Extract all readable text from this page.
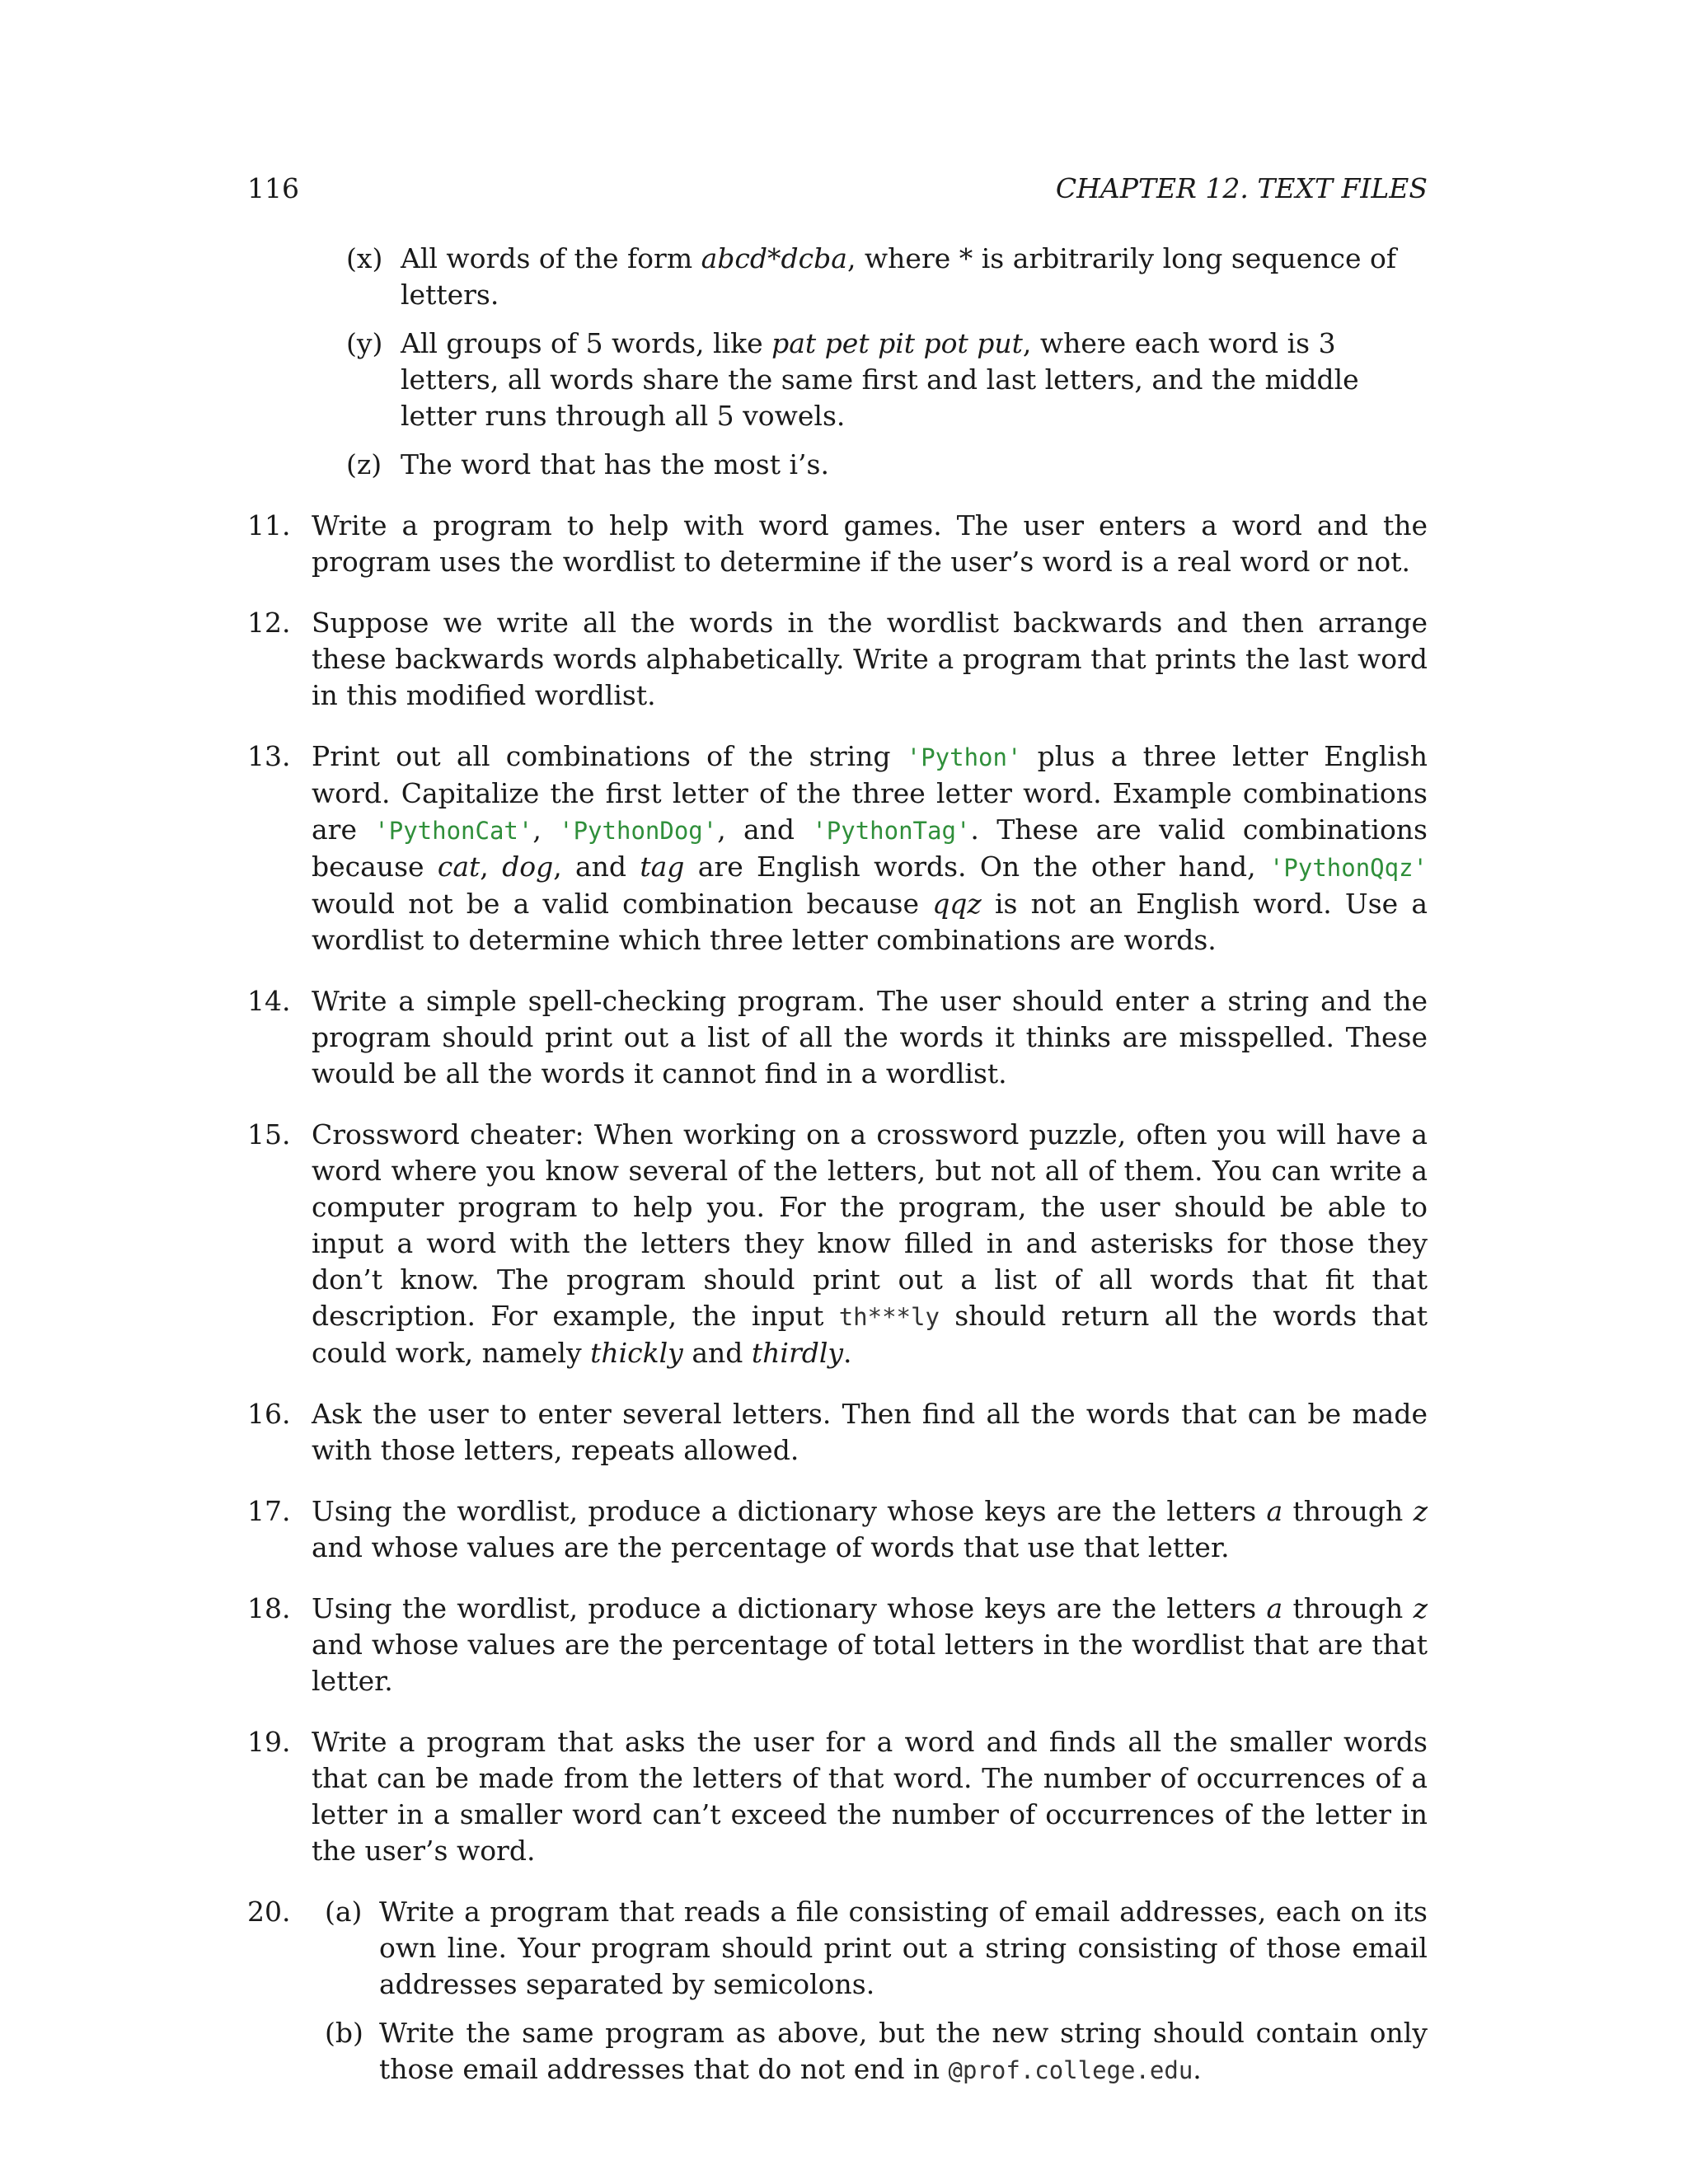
116	CHAPTER 12. TEXT FILES
(x) All words of the form abcd*dcba, where * is arbitrarily long sequence of letters.

(y) All groups of 5 words, like pat pet pit pot put, where each word is 3 letters, all words share the same first and last letters, and the middle letter runs through all 5 vowels.

(z) The word that has the most i’s.

11. Write a program to help with word games. The user enters a word and the program uses the wordlist to determine if the user’s word is a real word or not.

12. Suppose we write all the words in the wordlist backwards and then arrange these backwards words alphabetically. Write a program that prints the last word in this modified wordlist.

13. Print out all combinations of the string 'Python' plus a three letter English word. Capitalize the first letter of the three letter word. Example combinations are 'PythonCat', 'PythonDog', and 'PythonTag'. These are valid combinations because cat, dog, and tag are English words. On the other hand, 'PythonQqz' would not be a valid combination because qqz is not an English word. Use a wordlist to determine which three letter combinations are words.

14. Write a simple spell-checking program. The user should enter a string and the program should print out a list of all the words it thinks are misspelled. These would be all the words it cannot find in a wordlist.

15. Crossword cheater: When working on a crossword puzzle, often you will have a word where you know several of the letters, but not all of them. You can write a computer program to help you. For the program, the user should be able to input a word with the letters they know filled in and asterisks for those they don’t know. The program should print out a list of all words that fit that description. For example, the input th***ly should return all the words that could work, namely thickly and thirdly.

16. Ask the user to enter several letters. Then find all the words that can be made with those letters, repeats allowed.

17. Using the wordlist, produce a dictionary whose keys are the letters a through z and whose values are the percentage of words that use that letter.

18. Using the wordlist, produce a dictionary whose keys are the letters a through z and whose values are the percentage of total letters in the wordlist that are that letter.

19. Write a program that asks the user for a word and finds all the smaller words that can be made from the letters of that word. The number of occurrences of a letter in a smaller word can’t exceed the number of occurrences of the letter in the user’s word.

20. (a) Write a program that reads a file consisting of email addresses, each on its own line. Your program should print out a string consisting of those email addresses separated by semicolons.

(b) Write the same program as above, but the new string should contain only those email addresses that do not end in @prof.college.edu.
